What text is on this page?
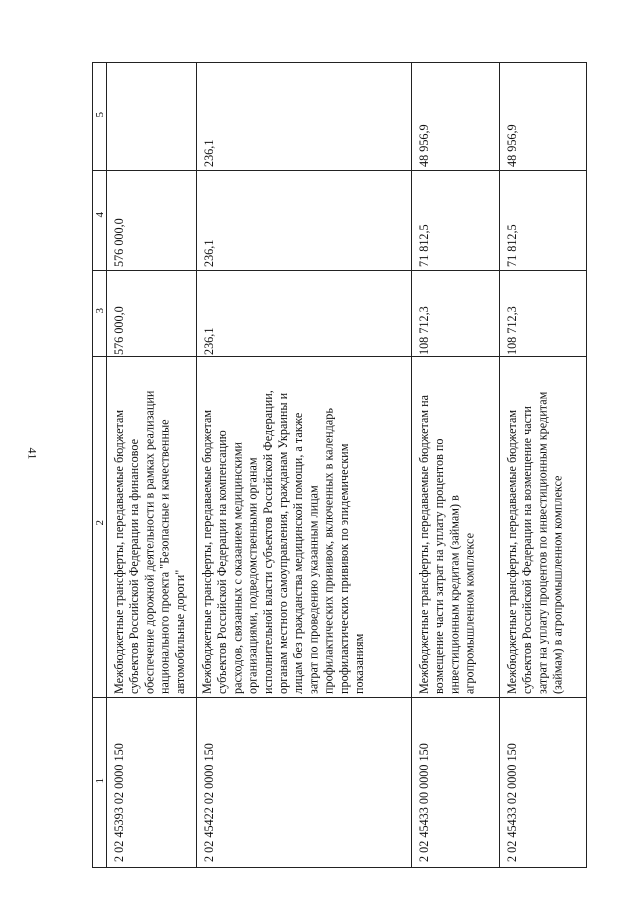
41
1
2
3
4
5
2 02 45393 02 0000 150
Межбюджетные трансферты, передаваемые бюджетам
субъектов Российской Федерации на финансовое
обеспечение дорожной деятельности в рамках реализации
национального проекта "Безопасные и качественные
автомобильные дороги"
576 000,0
576 000,0
2 02 45422 02 0000 150
Межбюджетные трансферты, передаваемые бюджетам
субъектов Российской Федерации на компенсацию
расходов, связанных с оказанием медицинскими
организациями, подведомственными органам
исполнительной власти субъектов Российской Федерации,
органам местного самоуправления, гражданам Украины и
лицам без гражданства медицинской помощи, а также
затрат по проведению указанным лицам
профилактических прививок, включенных в календарь
профилактических прививок по эпидемическим
показаниям
236,1
236,1
236,1
2 02 45433 00 0000 150
Межбюджетные трансферты, передаваемые бюджетам на
возмещение части затрат на уплату процентов по
инвестиционным кредитам (займам) в
агропромышленном комплексе
108 712,3
71 812,5
48 956,9
2 02 45433 02 0000 150
Межбюджетные трансферты, передаваемые бюджетам
субъектов Российской Федерации на возмещение части
затрат на уплату процентов по инвестиционным кредитам
(займам) в агропромышленном комплексе
108 712,3
71 812,5
48 956,9
